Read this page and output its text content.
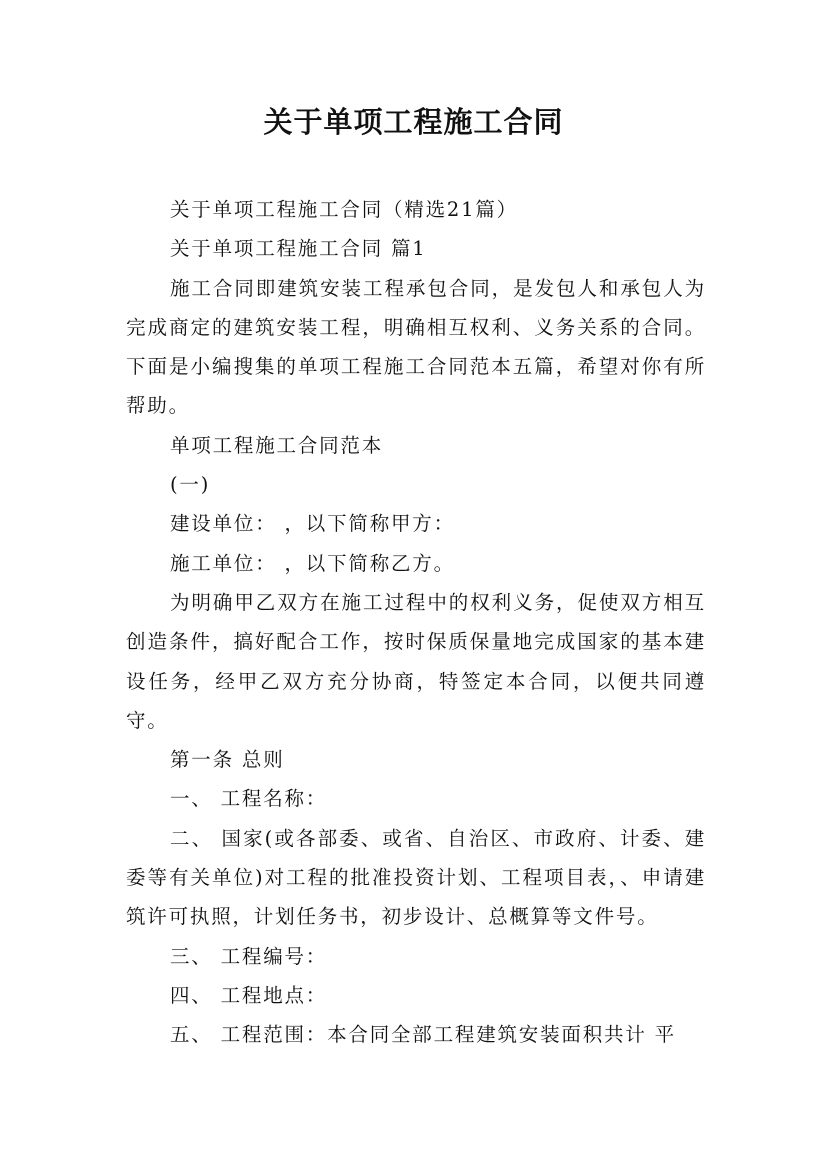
关于单项工程施工合同

关于单项工程施工合同（精选21篇）

关于单项工程施工合同 篇1

施工合同即建筑安装工程承包合同，是发包人和承包人为完成商定的建筑安装工程，明确相互权利、义务关系的合同。下面是小编搜集的单项工程施工合同范本五篇，希望对你有所帮助。

单项工程施工合同范本

(一)

建设单位： ，以下简称甲方：

施工单位： ，以下简称乙方。

为明确甲乙双方在施工过程中的权利义务，促使双方相互创造条件，搞好配合工作，按时保质保量地完成国家的基本建设任务，经甲乙双方充分协商，特签定本合同，以便共同遵守。

第一条 总则

一、 工程名称：

二、 国家(或各部委、或省、自治区、市政府、计委、建委等有关单位)对工程的批准投资计划、工程项目表，、申请建筑许可执照，计划任务书，初步设计、总概算等文件号。

三、 工程编号：

四、 工程地点：

五、 工程范围：本合同全部工程建筑安装面积共计 平
